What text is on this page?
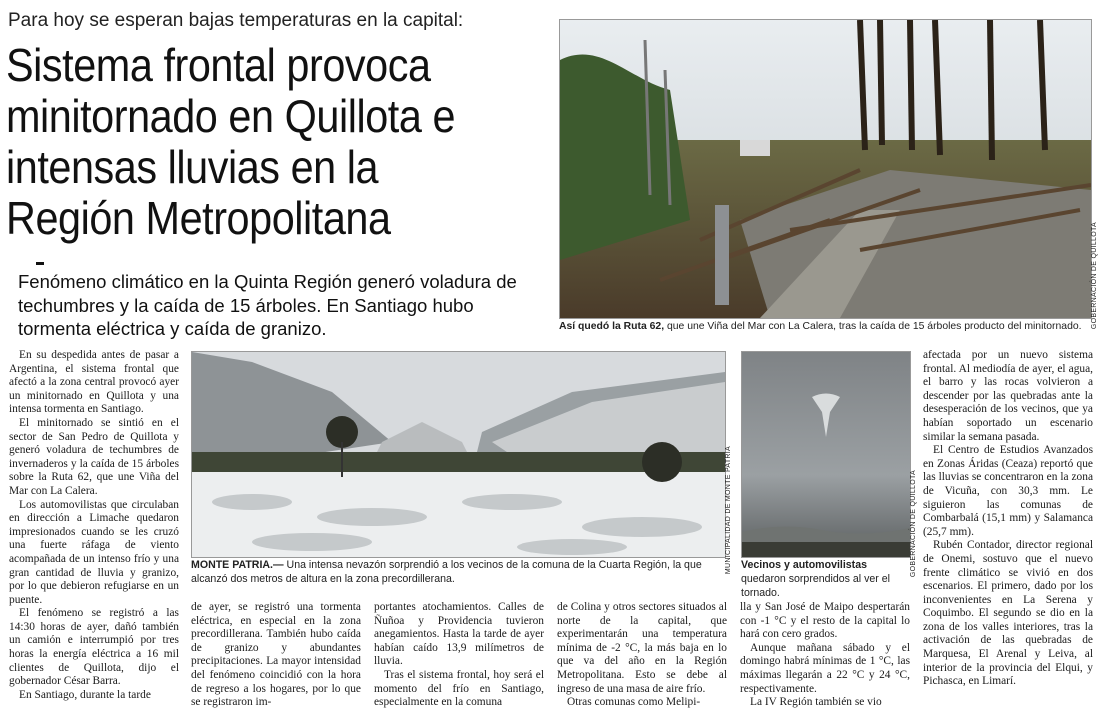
Para hoy se esperan bajas temperaturas en la capital:
Sistema frontal provoca minitornado en Quillota e intensas lluvias en la Región Metropolitana
Fenómeno climático en la Quinta Región generó voladura de techumbres y la caída de 15 árboles. En Santiago hubo tormenta eléctrica y caída de granizo.	GOBERNACIÓN DE QUILLOTA
Así quedó la Ruta 62, que une Viña del Mar con La Calera, tras la caída de 15 árboles producto del minitornado.
MUNICIPALIDAD DE MONTE PATRIA
MONTE PATRIA.— Una intensa nevazón sorprendió a los vecinos de la comuna de la Cuarta Región, la que alcanzó dos metros de altura en la zona precordillerana.
GOBERNACIÓN DE QUILLOTA
Vecinos y automovilistas quedaron sorprendidos al ver el tornado.

En su despedida antes de pasar a Argentina, el sistema frontal que afectó a la zona central provocó ayer un minitornado en Quillota y una intensa tormenta en Santiago.

El minitornado se sintió en el sector de San Pedro de Quillota y generó voladura de techumbres de invernaderos y la caída de 15 árboles sobre la Ruta 62, que une Viña del Mar con La Calera.

Los automovilistas que circulaban en dirección a Limache quedaron impresionados cuando se les cruzó una fuerte ráfaga de viento acompañada de un intenso frío y una gran cantidad de lluvia y granizo, por lo que debieron refugiarse en un puente.

El fenómeno se registró a las 14:30 horas de ayer, dañó también un camión e interrumpió por tres horas la energía eléctrica a 16 mil clientes de Quillota, dijo el gobernador César Barra.

En Santiago, durante la tarde

de ayer, se registró una tormenta eléctrica, en especial en la zona precordillerana. También hubo caída de granizo y abundantes precipitaciones. La mayor intensidad del fenómeno coincidió con la hora de regreso a los hogares, por lo que se registraron im-

portantes atochamientos. Calles de Ñuñoa y Providencia tuvieron anegamientos. Hasta la tarde de ayer habían caído 13,9 milímetros de lluvia.

Tras el sistema frontal, hoy será el momento del frío en Santiago, especialmente en la comuna

de Colina y otros sectores situados al norte de la capital, que experimentarán una temperatura mínima de -2 °C, la más baja en lo que va del año en la Región Metropolitana. Esto se debe al ingreso de una masa de aire frío.

Otras comunas como Melipi-

lla y San José de Maipo despertarán con -1 °C y el resto de la capital lo hará con cero grados.

Aunque mañana sábado y el domingo habrá mínimas de 1 °C, las máximas llegarán a 22 °C y 24 °C, respectivamente.

La IV Región también se vio

afectada por un nuevo sistema frontal. Al mediodía de ayer, el agua, el barro y las rocas volvieron a descender por las quebradas ante la desesperación de los vecinos, que ya habían soportado un escenario similar la semana pasada.

El Centro de Estudios Avanzados en Zonas Áridas (Ceaza) reportó que las lluvias se concentraron en la zona de Vicuña, con 30,3 mm. Le siguieron las comunas de Combarbalá (15,1 mm) y Salamanca (25,7 mm).

Rubén Contador, director regional de Onemi, sostuvo que el nuevo frente climático se vivió en dos escenarios. El primero, dado por los inconvenientes en La Serena y Coquimbo. El segundo se dio en la zona de los valles interiores, tras la activación de las quebradas de Marquesa, El Arenal y Leiva, al interior de la provincia del Elqui, y Pichasca, en Limarí.
